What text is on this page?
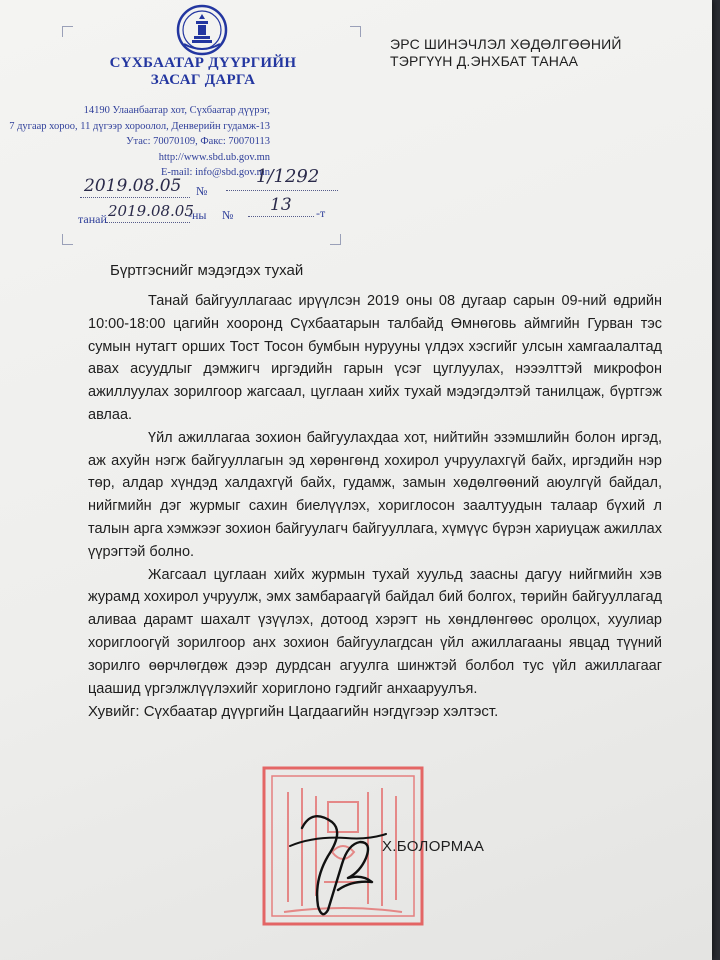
СҮХБААТАР ДҮҮРГИЙН
ЗАСАГ ДАРГА
14190 Улаанбаатар хот, Сүхбаатар дүүрэг,
7 дугаар хороо, 11 дүгээр хороолол, Денверийн гудамж-13
Утас: 70070109, Факс: 70070113
http://www.sbd.ub.gov.mn
E-mail: info@sbd.gov.mn
ЭРС ШИНЭЧЛЭЛ ХӨДӨЛГӨӨНИЙ
ТЭРГҮҮН Д.ЭНХБАТ ТАНАА
2019.08.05 №
1/1292
танай 2019.08.05
-ны № 13 -т
Бүртгэснийг мэдэгдэх тухай

Танай байгууллагаас ирүүлсэн 2019 оны 08 дугаар сарын 09-ний өдрийн 10:00-18:00 цагийн хооронд Сүхбаатарын талбайд Өмнөговь аймгийн Гурван тэс сумын нутагт орших Тост Тосон бумбын нурууны үлдэх хэсгийг улсын хамгаалалтад авах асуудлыг дэмжигч иргэдийн гарын үсэг цуглуулах, нэээлттэй микрофон ажиллуулах зорилгоор жагсаал, цуглаан хийх тухай мэдэгдэлтэй танилцаж, бүртгэж авлаа.

Үйл ажиллагаа зохион байгуулахдаа хот, нийтийн эзэмшлийн болон иргэд, аж ахуйн нэгж байгууллагын эд хөрөнгөнд хохирол учруулахгүй байх, иргэдийн нэр төр, алдар хүндэд халдахгүй байх, гудамж, замын хөдөлгөөний аюулгүй байдал, нийгмийн дэг журмыг сахин биелүүлэх, хориглосон заалтуудын талаар бүхий л талын арга хэмжээг зохион байгуулагч байгууллага, хүмүүс бүрэн хариуцаж ажиллах үүрэгтэй болно.

Жагсаал цуглаан хийх журмын тухай хуульд заасны дагуу нийгмийн хэв журамд хохирол учруулж, эмх замбараагүй байдал бий болгох, төрийн байгууллагад аливаа дарамт шахалт үзүүлэх, дотоод хэрэгт нь хөндлөнгөөс оролцох, хуулиар хориглоогүй зорилгоор анх зохион байгуулагдсан үйл ажиллагааны явцад түүний зорилго өөрчлөгдөж дээр дурдсан агуулга шинжтэй болбол тус үйл ажиллагааг цаашид үргэлжлүүлэхийг хориглоно гэдгийг анхааруулъя.

Хувийг: Сүхбаатар дүүргийн Цагдаагийн нэгдүгээр хэлтэст.
Х.БОЛОРМАА
